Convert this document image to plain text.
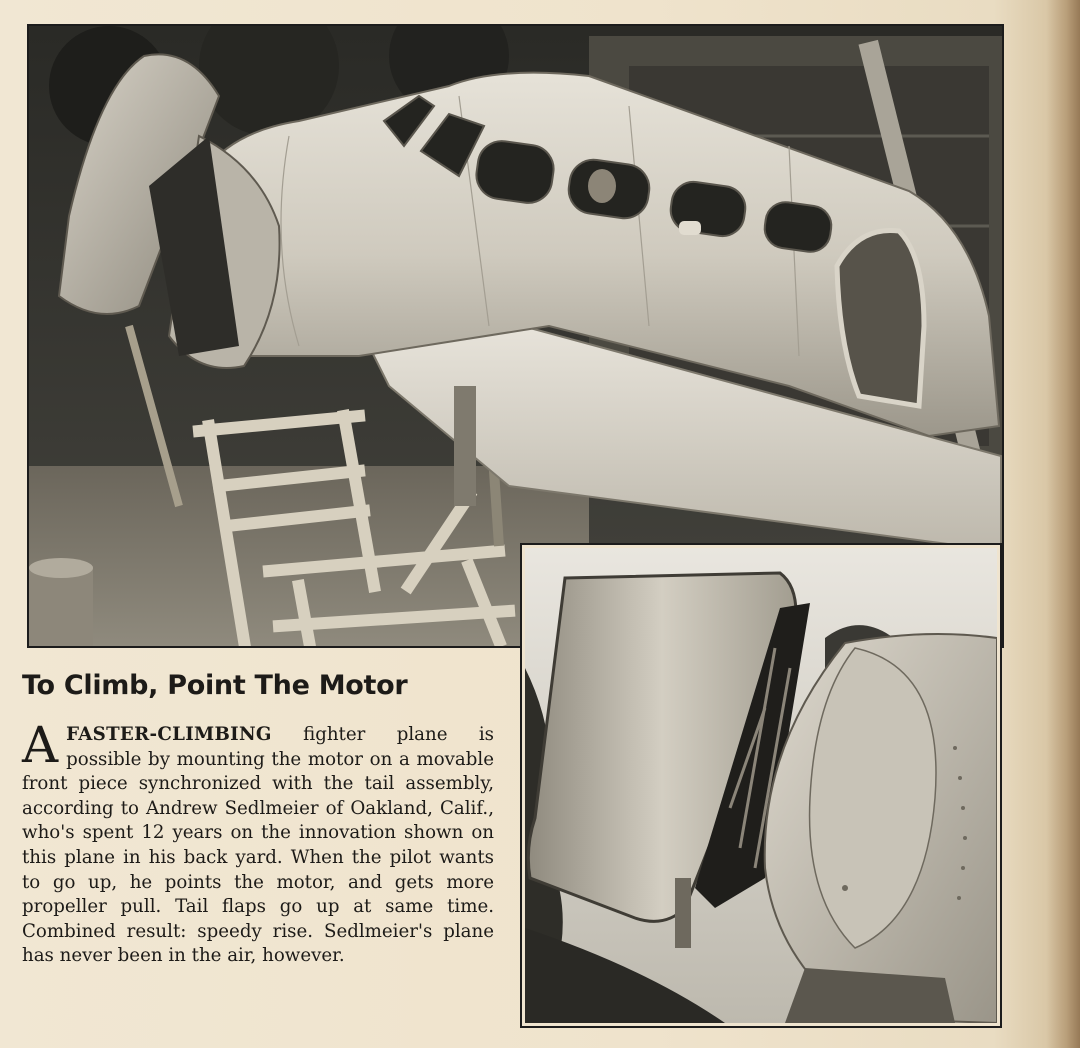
To Climb, Point The Motor

AFASTER-CLIMBING fighter plane is possible by mounting the motor on a movable front piece synchronized with the tail assembly, according to Andrew Sedlmeier of Oakland, Calif., who's spent 12 years on the innovation shown on this plane in his back yard. When the pilot wants to go up, he points the motor, and gets more propeller pull. Tail flaps go up at same time. Combined result: speedy rise. Sedlmeier's plane has never been in the air, however.
